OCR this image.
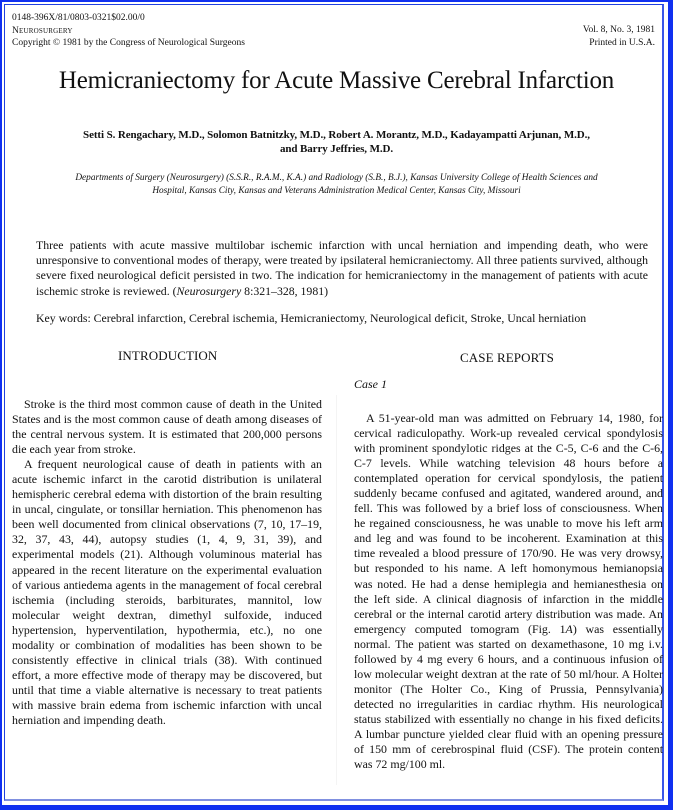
0148-396X/81/0803-0321$02.00/0
Neurosurgery
Copyright © 1981 by the Congress of Neurological Surgeons
Vol. 8, No. 3, 1981
Printed in U.S.A.
Hemicraniectomy for Acute Massive Cerebral Infarction
Setti S. Rengachary, M.D., Solomon Batnitzky, M.D., Robert A. Morantz, M.D., Kadayampatti Arjunan, M.D.,
and Barry Jeffries, M.D.
Departments of Surgery (Neurosurgery) (S.S.R., R.A.M., K.A.) and Radiology (S.B., B.J.), Kansas University College of Health Sciences and
Hospital, Kansas City, Kansas and Veterans Administration Medical Center, Kansas City, Missouri

Three patients with acute massive multilobar ischemic infarction with uncal herniation and impending death, who were unresponsive to conventional modes of therapy, were treated by ipsilateral hemicraniectomy. All three patients survived, although severe fixed neurological deficit persisted in two. The indication for hemicraniectomy in the management of patients with acute ischemic stroke is reviewed. (Neurosurgery 8:321–328, 1981)

Key words: Cerebral infarction, Cerebral ischemia, Hemicraniectomy, Neurological deficit, Stroke, Uncal herniation

INTRODUCTION	CASE REPORTS
Case 1

Stroke is the third most common cause of death in the United States and is the most common cause of death among diseases of the central nervous system. It is estimated that 200,000 persons die each year from stroke.

A frequent neurological cause of death in patients with an acute ischemic infarct in the carotid distribution is unilateral hemispheric cerebral edema with distortion of the brain resulting in uncal, cingulate, or tonsillar herniation. This phenomenon has been well documented from clinical observations (7, 10, 17–19, 32, 37, 43, 44), autopsy studies (1, 4, 9, 31, 39), and experimental models (21). Although voluminous material has appeared in the recent literature on the experimental evaluation of various antiedema agents in the management of focal cerebral ischemia (including steroids, barbiturates, mannitol, low molecular weight dextran, dimethyl sulfoxide, induced hypertension, hyperventilation, hypothermia, etc.), no one modality or combination of modalities has been shown to be consistently effective in clinical trials (38). With continued effort, a more effective mode of therapy may be discovered, but until that time a viable alternative is necessary to treat patients with massive brain edema from ischemic infarction with uncal herniation and impending death.

A 51-year-old man was admitted on February 14, 1980, for cervical radiculopathy. Work-up revealed cervical spondylosis with prominent spondylotic ridges at the C-5, C-6 and the C-6, C-7 levels. While watching television 48 hours before a contemplated operation for cervical spondylosis, the patient suddenly became confused and agitated, wandered around, and fell. This was followed by a brief loss of consciousness. When he regained consciousness, he was unable to move his left arm and leg and was found to be incoherent. Examination at this time revealed a blood pressure of 170/90. He was very drowsy, but responded to his name. A left homonymous hemianopsia was noted. He had a dense hemiplegia and hemianesthesia on the left side. A clinical diagnosis of infarction in the middle cerebral or the internal carotid artery distribution was made. An emergency computed tomogram (Fig. 1A) was essentially normal. The patient was started on dexamethasone, 10 mg i.v. followed by 4 mg every 6 hours, and a continuous infusion of low molecular weight dextran at the rate of 50 ml/hour. A Holter monitor (The Holter Co., King of Prussia, Pennsylvania) detected no irregularities in cardiac rhythm. His neurological status stabilized with essentially no change in his fixed deficits. A lumbar puncture yielded clear fluid with an opening pressure of 150 mm of cerebrospinal fluid (CSF). The protein content was 72 mg/100 ml.
